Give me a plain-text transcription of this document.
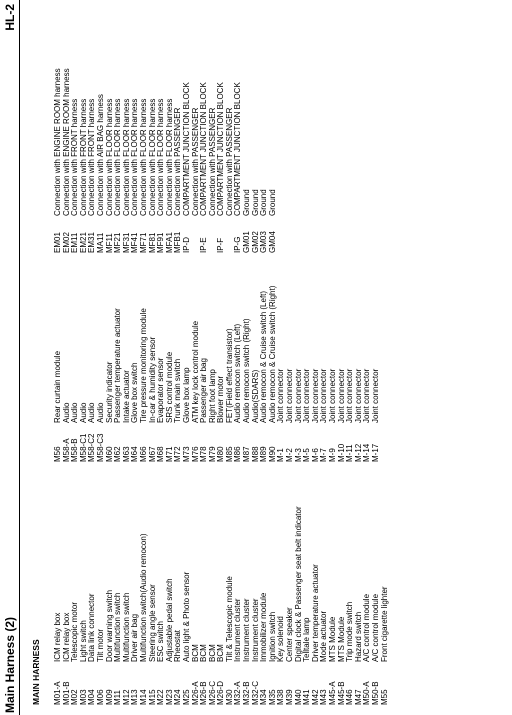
Main Harness (2)
HL-2
MAIN HARNESS M01-A
ICM relay box
M01-B
ICM relay box
M02
Telescopic motor
M03
Light switch
M04
Data link connector
M06
Tilt motor
M09
Door warning switch
M11
Multifunction switch
M12
Multifunction switch
M13
Driver air bag
M14
Multifunction switch(Audio remocon)
M15
Steering angle sensor
M22
ESC switch
M23
Adjustable pedal switch
M24
Rheostat
M25
Auto light & Photo sensor
M26-A
BCM
M26-B
BCM
M26-C
BCM
M26-D
BCM
M30
Tilt & Telescopic module
M32-A
Instrument cluster
M32-B
Instrument cluster
M32-C
Instrument cluster
M34
Immobilizer module
M35
Ignition switch
M38
Key solenoid
M39
Center speaker
M40
Digital clock & Passenger seat belt indicator
M41
Telltale lamp
M42
Driver temperature actuator
M43
Mode actuator
M45-A
MTS Module
M45-B
MTS Module
M46
Trip mode switch
M47
Hazard switch
M50-A
A/C control module
M50-B
A/C control module
M55
Front cigarette lighter
M56
Rear curtain module
M58-A
Audio
M58-B
Audio
M58-C1
Audio
M58-C2
Audio
M58-C3
Audio
M60
Security indicator
M62
Passenger temperature actuator
M63
Intake actuator
M64
Glove box switch
M66
Tire pressure monitoring module
M67
In-car & humidity sensor
M68
Evaporator sensor
M71
SRS control module
M72
Trunk main switch
M73
Glove box lamp
M76
ATM key lock control module
M78
Passenger air bag
M79
Right foot lamp
M80
Blower motor
M85
FET(Field effect transistor)
M86
Audio remocon switch (Left)
M87
Audio remocon switch (Right)
M88
Audio(SDARS)
M89
Audio remocon & Cruise switch (Left)
M90
Audio remocon & Cruise switch (Right)
M-1
Joint connector
M-2
Joint connector
M-3
Joint connector
M-5
Joint connector
M-6
Joint connector
M-7
Joint connector
M-9
Joint connector
M-10
Joint connector
M-11
Joint connector
M-12
Joint connector
M-14
Joint connector
M-17
Joint connector
EM01
Connection with ENGINE ROOM harness
EM02
Connection with ENGINE ROOM harness
EM11
Connection with FRONT harness
EM21
Connection with FRONT harness
EM31
Connection with FRONT harness
MA11
Connection with AIR BAG harness
MF11
Connection with FLOOR harness
MF21
Connection with FLOOR harness
MF31
Connection with FLOOR harness
MF41
Connection with FLOOR harness
MF71
Connection with FLOOR harness
MF81
Connection with FLOOR harness
MF91
Connection with FLOOR harness
MFA1
Connection with FLOOR harness
MFB1
Connection with PASSENGER
IP-D
COMPARTMENT JUNCTION BLOCK Connection with PASSENGER
IP-E
COMPARTMENT JUNCTION BLOCK Connection with PASSENGER
IP-F
COMPARTMENT JUNCTION BLOCK Connection with PASSENGER
IP-G
COMPARTMENT JUNCTION BLOCK
GM01
Ground
GM02
Ground
GM03
Ground
GM04
Ground
